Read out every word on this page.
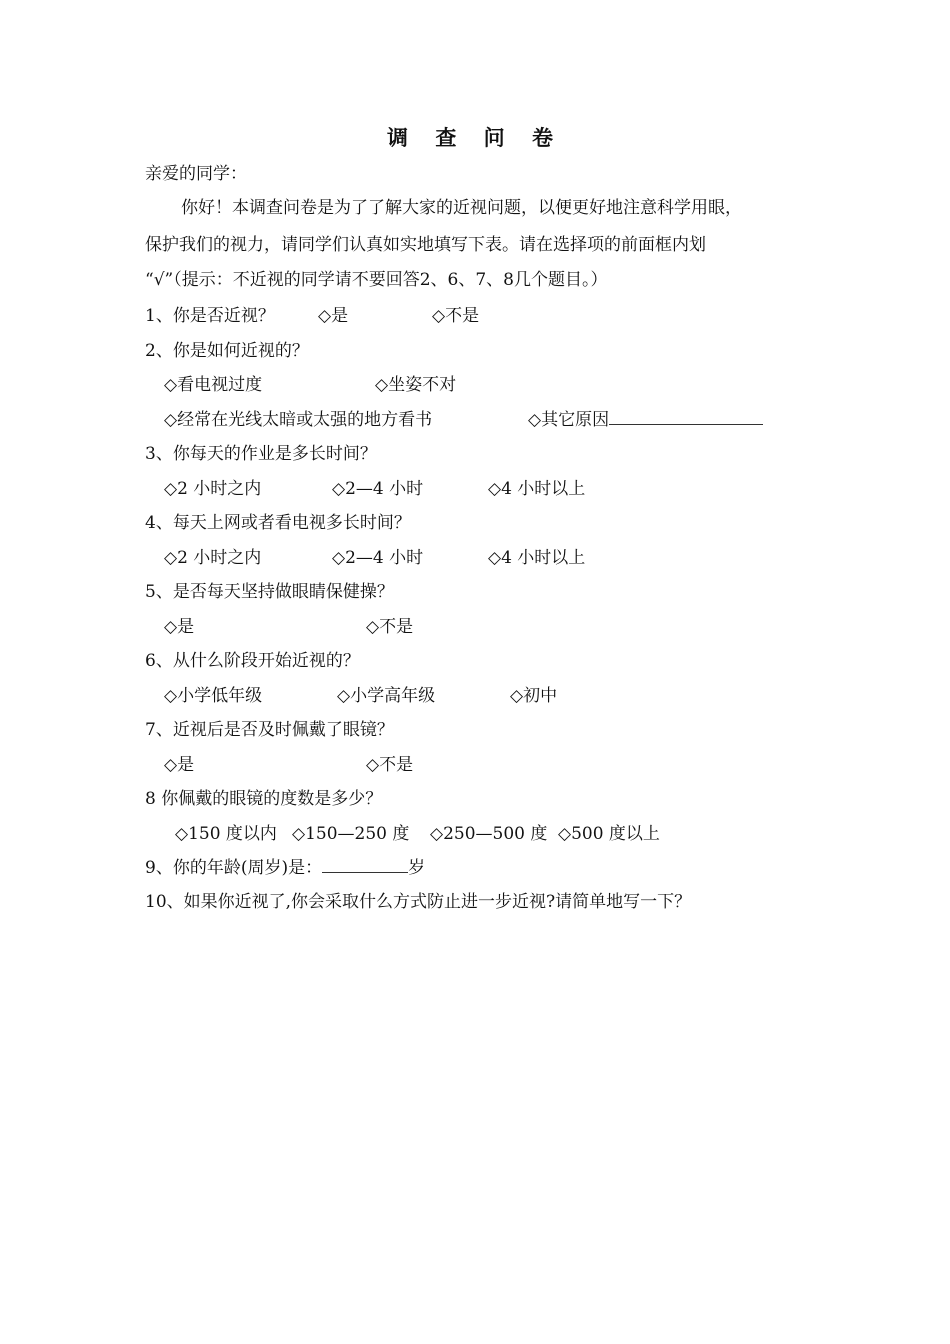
调 查 问 卷
亲爱的同学：
你好！本调查问卷是为了了解大家的近视问题，以便更好地注意科学用眼，
保护我们的视力，请同学们认真如实地填写下表。请在选择项的前面框内划
“√”（提示：不近视的同学请不要回答2、6、7、8几个题目。）
1、你是否近视？	◇是	◇不是
2、你是如何近视的？
◇看电视过度	◇坐姿不对
◇经常在光线太暗或太强的地方看书	◇其它原因
3、你每天的作业是多长时间？
◇2 小时之内	◇2—4 小时	◇4 小时以上
4、每天上网或者看电视多长时间？
◇2 小时之内	◇2—4 小时	◇4 小时以上
5、是否每天坚持做眼睛保健操？
◇是	◇不是
6、从什么阶段开始近视的？
◇小学低年级	◇小学高年级	◇初中
7、近视后是否及时佩戴了眼镜？
◇是	◇不是
8 你佩戴的眼镜的度数是多少？
◇150 度以内 ◇150—250 度 ◇250—500 度 ◇500 度以上
9、你的年龄(周岁)是：	岁
10、如果你近视了,你会采取什么方式防止进一步近视?请简单地写一下？
